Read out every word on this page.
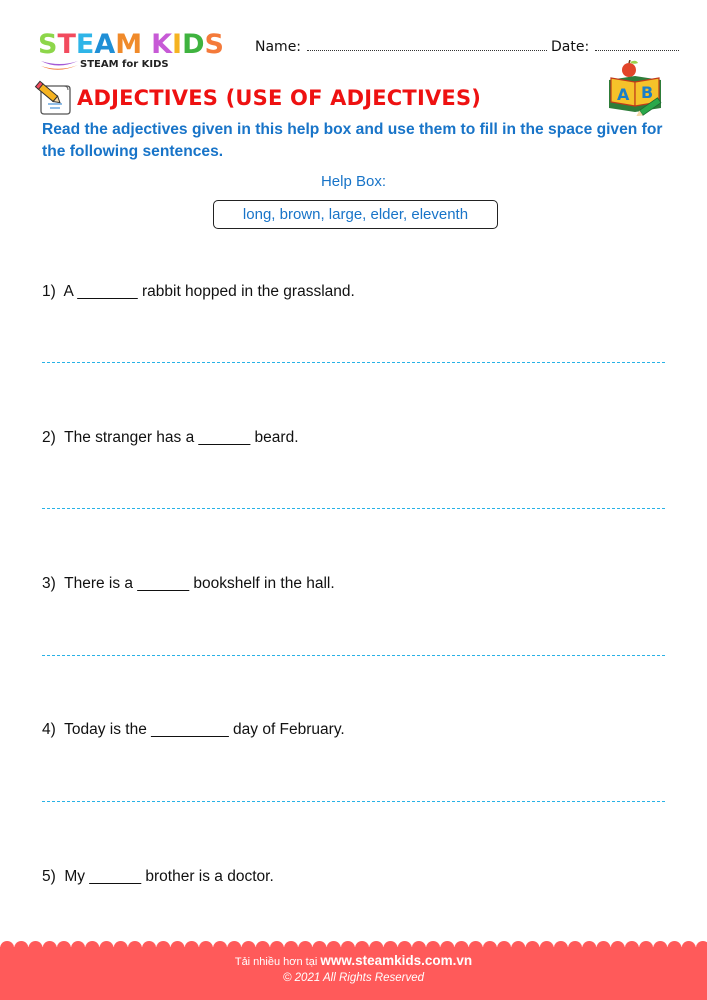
STEAM KIDS
STEAM for KIDS
Name:	Date:
ADJECTIVES (USE OF ADJECTIVES)	A B
Read the adjectives given in this help box and use them to fill in the space given for the following sentences.
Help Box:
long, brown, large, elder, eleventh
1)  A _______ rabbit hopped in the grassland.
2)  The stranger has a ______ beard.
3)  There is a ______ bookshelf in the hall.
4)  Today is the _________ day of February.
5)  My ______ brother is a doctor.
Tải nhiều hơn tại www.steamkids.com.vn
© 2021 All Rights Reserved
